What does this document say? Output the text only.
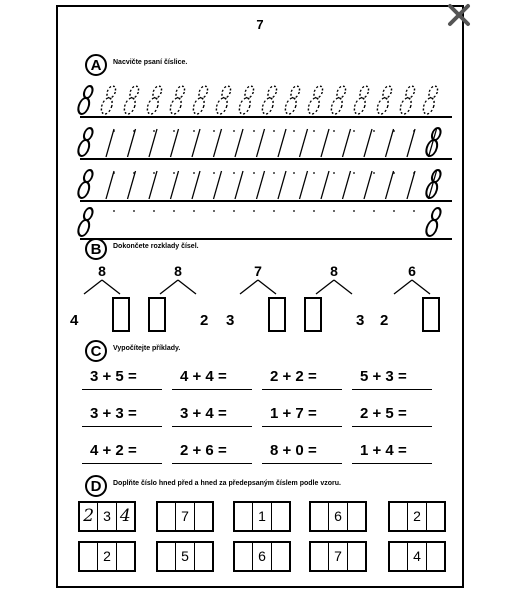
7
A	Nacvičte psaní číslice.
B	Dokončete rozklady čísel.
8
4
8
2
7
3
8
3
6
2
C	Vypočítejte příklady.
3 + 5 =	4 + 4 =	2 + 2 =	5 + 3 =
3 + 3 =	3 + 4 =	1 + 7 =	2 + 5 =
4 + 2 =	2 + 6 =	8 + 0 =	1 + 4 =
D	Doplňte číslo hned před a hned za předepsaným číslem podle vzoru.
2 3 4	7	1	6	2
2	5	6	7	4
